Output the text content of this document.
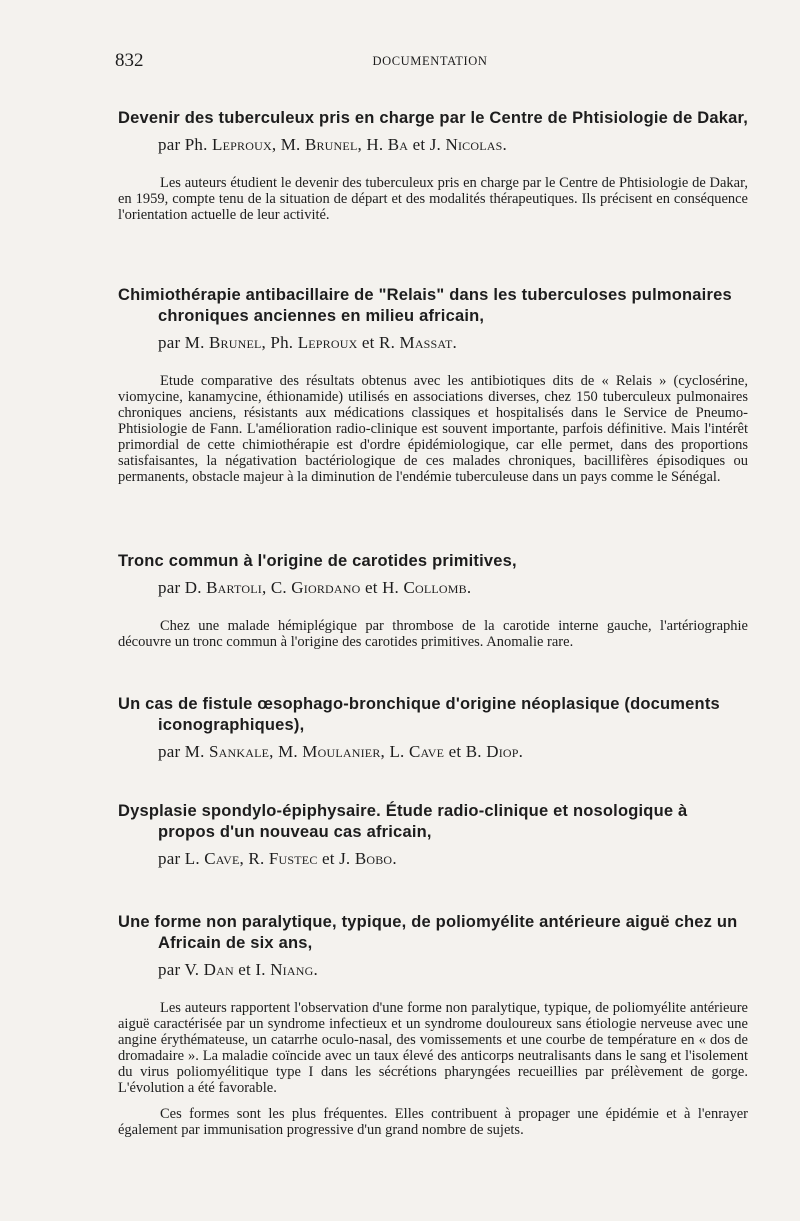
832	DOCUMENTATION
Devenir des tuberculeux pris en charge par le Centre de Phtisiologie de Dakar,
par Ph. Leproux, M. Brunel, H. Ba et J. Nicolas.

Les auteurs étudient le devenir des tuberculeux pris en charge par le Centre de Phtisiologie de Dakar, en 1959, compte tenu de la situation de départ et des modalités thérapeutiques. Ils précisent en conséquence l'orientation actuelle de leur activité.

Chimiothérapie antibacillaire de "Relais" dans les tuberculoses pulmonaires chroniques anciennes en milieu africain,
par M. Brunel, Ph. Leproux et R. Massat.

Etude comparative des résultats obtenus avec les antibiotiques dits de « Relais » (cyclosérine, viomycine, kanamycine, éthionamide) utilisés en associations diverses, chez 150 tuberculeux pulmonaires chroniques anciens, résistants aux médications classiques et hospitalisés dans le Service de Pneumo-Phtisiologie de Fann. L'amélioration radio-clinique est souvent importante, parfois définitive. Mais l'intérêt primordial de cette chimiothérapie est d'ordre épidémiologique, car elle permet, dans des proportions satisfaisantes, la négativation bactériologique de ces malades chroniques, bacillifères épisodiques ou permanents, obstacle majeur à la diminution de l'endémie tuberculeuse dans un pays comme le Sénégal.

Tronc commun à l'origine de carotides primitives,
par D. Bartoli, C. Giordano et H. Collomb.

Chez une malade hémiplégique par thrombose de la carotide interne gauche, l'artériographie découvre un tronc commun à l'origine des carotides primitives. Anomalie rare.

Un cas de fistule œsophago-bronchique d'origine néoplasique (documents iconographiques),
par M. Sankale, M. Moulanier, L. Cave et B. Diop.
Dysplasie spondylo-épiphysaire. Étude radio-clinique et nosologique à propos d'un nouveau cas africain,
par L. Cave, R. Fustec et J. Bobo.
Une forme non paralytique, typique, de poliomyélite antérieure aiguë chez un Africain de six ans,
par V. Dan et I. Niang.

Les auteurs rapportent l'observation d'une forme non paralytique, typique, de poliomyélite antérieure aiguë caractérisée par un syndrome infectieux et un syndrome douloureux sans étiologie nerveuse avec une angine érythémateuse, un catarrhe oculo-nasal, des vomissements et une courbe de température en « dos de dromadaire ». La maladie coïncide avec un taux élevé des anticorps neutralisants dans le sang et l'isolement du virus poliomyélitique type I dans les sécrétions pharyngées recueillies par prélèvement de gorge. L'évolution a été favorable.

Ces formes sont les plus fréquentes. Elles contribuent à propager une épidémie et à l'enrayer également par immunisation progressive d'un grand nombre de sujets.
